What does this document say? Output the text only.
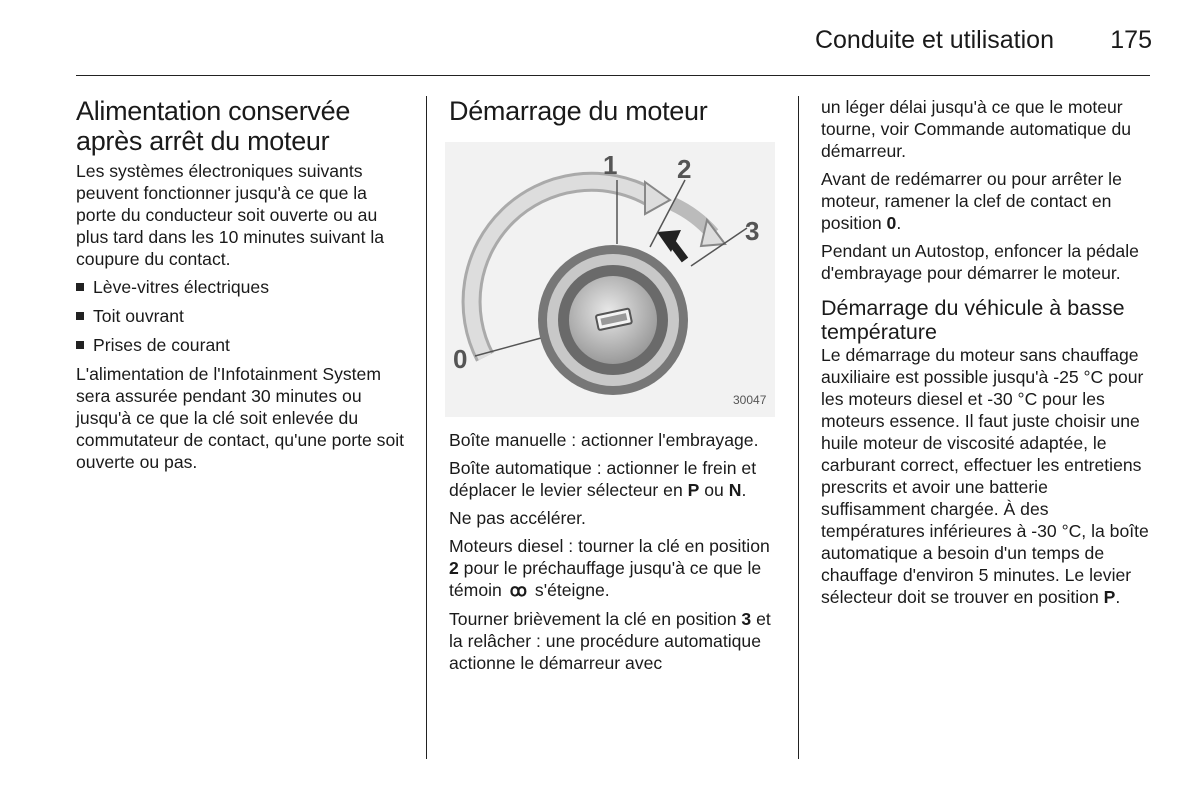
Conduite et utilisation 175
Alimentation conservée après arrêt du moteur

Les systèmes électroniques suivants peuvent fonctionner jusqu'à ce que la porte du conducteur soit ouverte ou au plus tard dans les 10 minutes suivant la coupure du contact.

Lève-vitres électriques
Toit ouvrant
Prises de courant

L'alimentation de l'Infotainment System sera assurée pendant 30 minutes ou jusqu'à ce que la clé soit enlevée du commutateur de contact, qu'une porte soit ouverte ou pas.

Démarrage du moteur
1 2
3
0
30047

Boîte manuelle : actionner l'embrayage.

Boîte automatique : actionner le frein et déplacer le levier sélecteur en P ou N.

Ne pas accélérer.

Moteurs diesel : tourner la clé en position 2 pour le préchauffage jusqu'à ce que le témoin ꝏ s'éteigne.

Tourner brièvement la clé en position 3 et la relâcher : une procédure automatique actionne le démarreur avec

un léger délai jusqu'à ce que le moteur tourne, voir Commande automatique du démarreur.

Avant de redémarrer ou pour arrêter le moteur, ramener la clef de contact en position 0.

Pendant un Autostop, enfoncer la pédale d'embrayage pour démarrer le moteur.

Démarrage du véhicule à basse température

Le démarrage du moteur sans chauffage auxiliaire est possible jusqu'à -25 °C pour les moteurs diesel et -30 °C pour les moteurs essence. Il faut juste choisir une huile moteur de viscosité adaptée, le carburant correct, effectuer les entretiens prescrits et avoir une batterie suffisamment chargée. À des températures inférieures à -30 °C, la boîte automatique a besoin d'un temps de chauffage d'environ 5 minutes. Le levier sélecteur doit se trouver en position P.
